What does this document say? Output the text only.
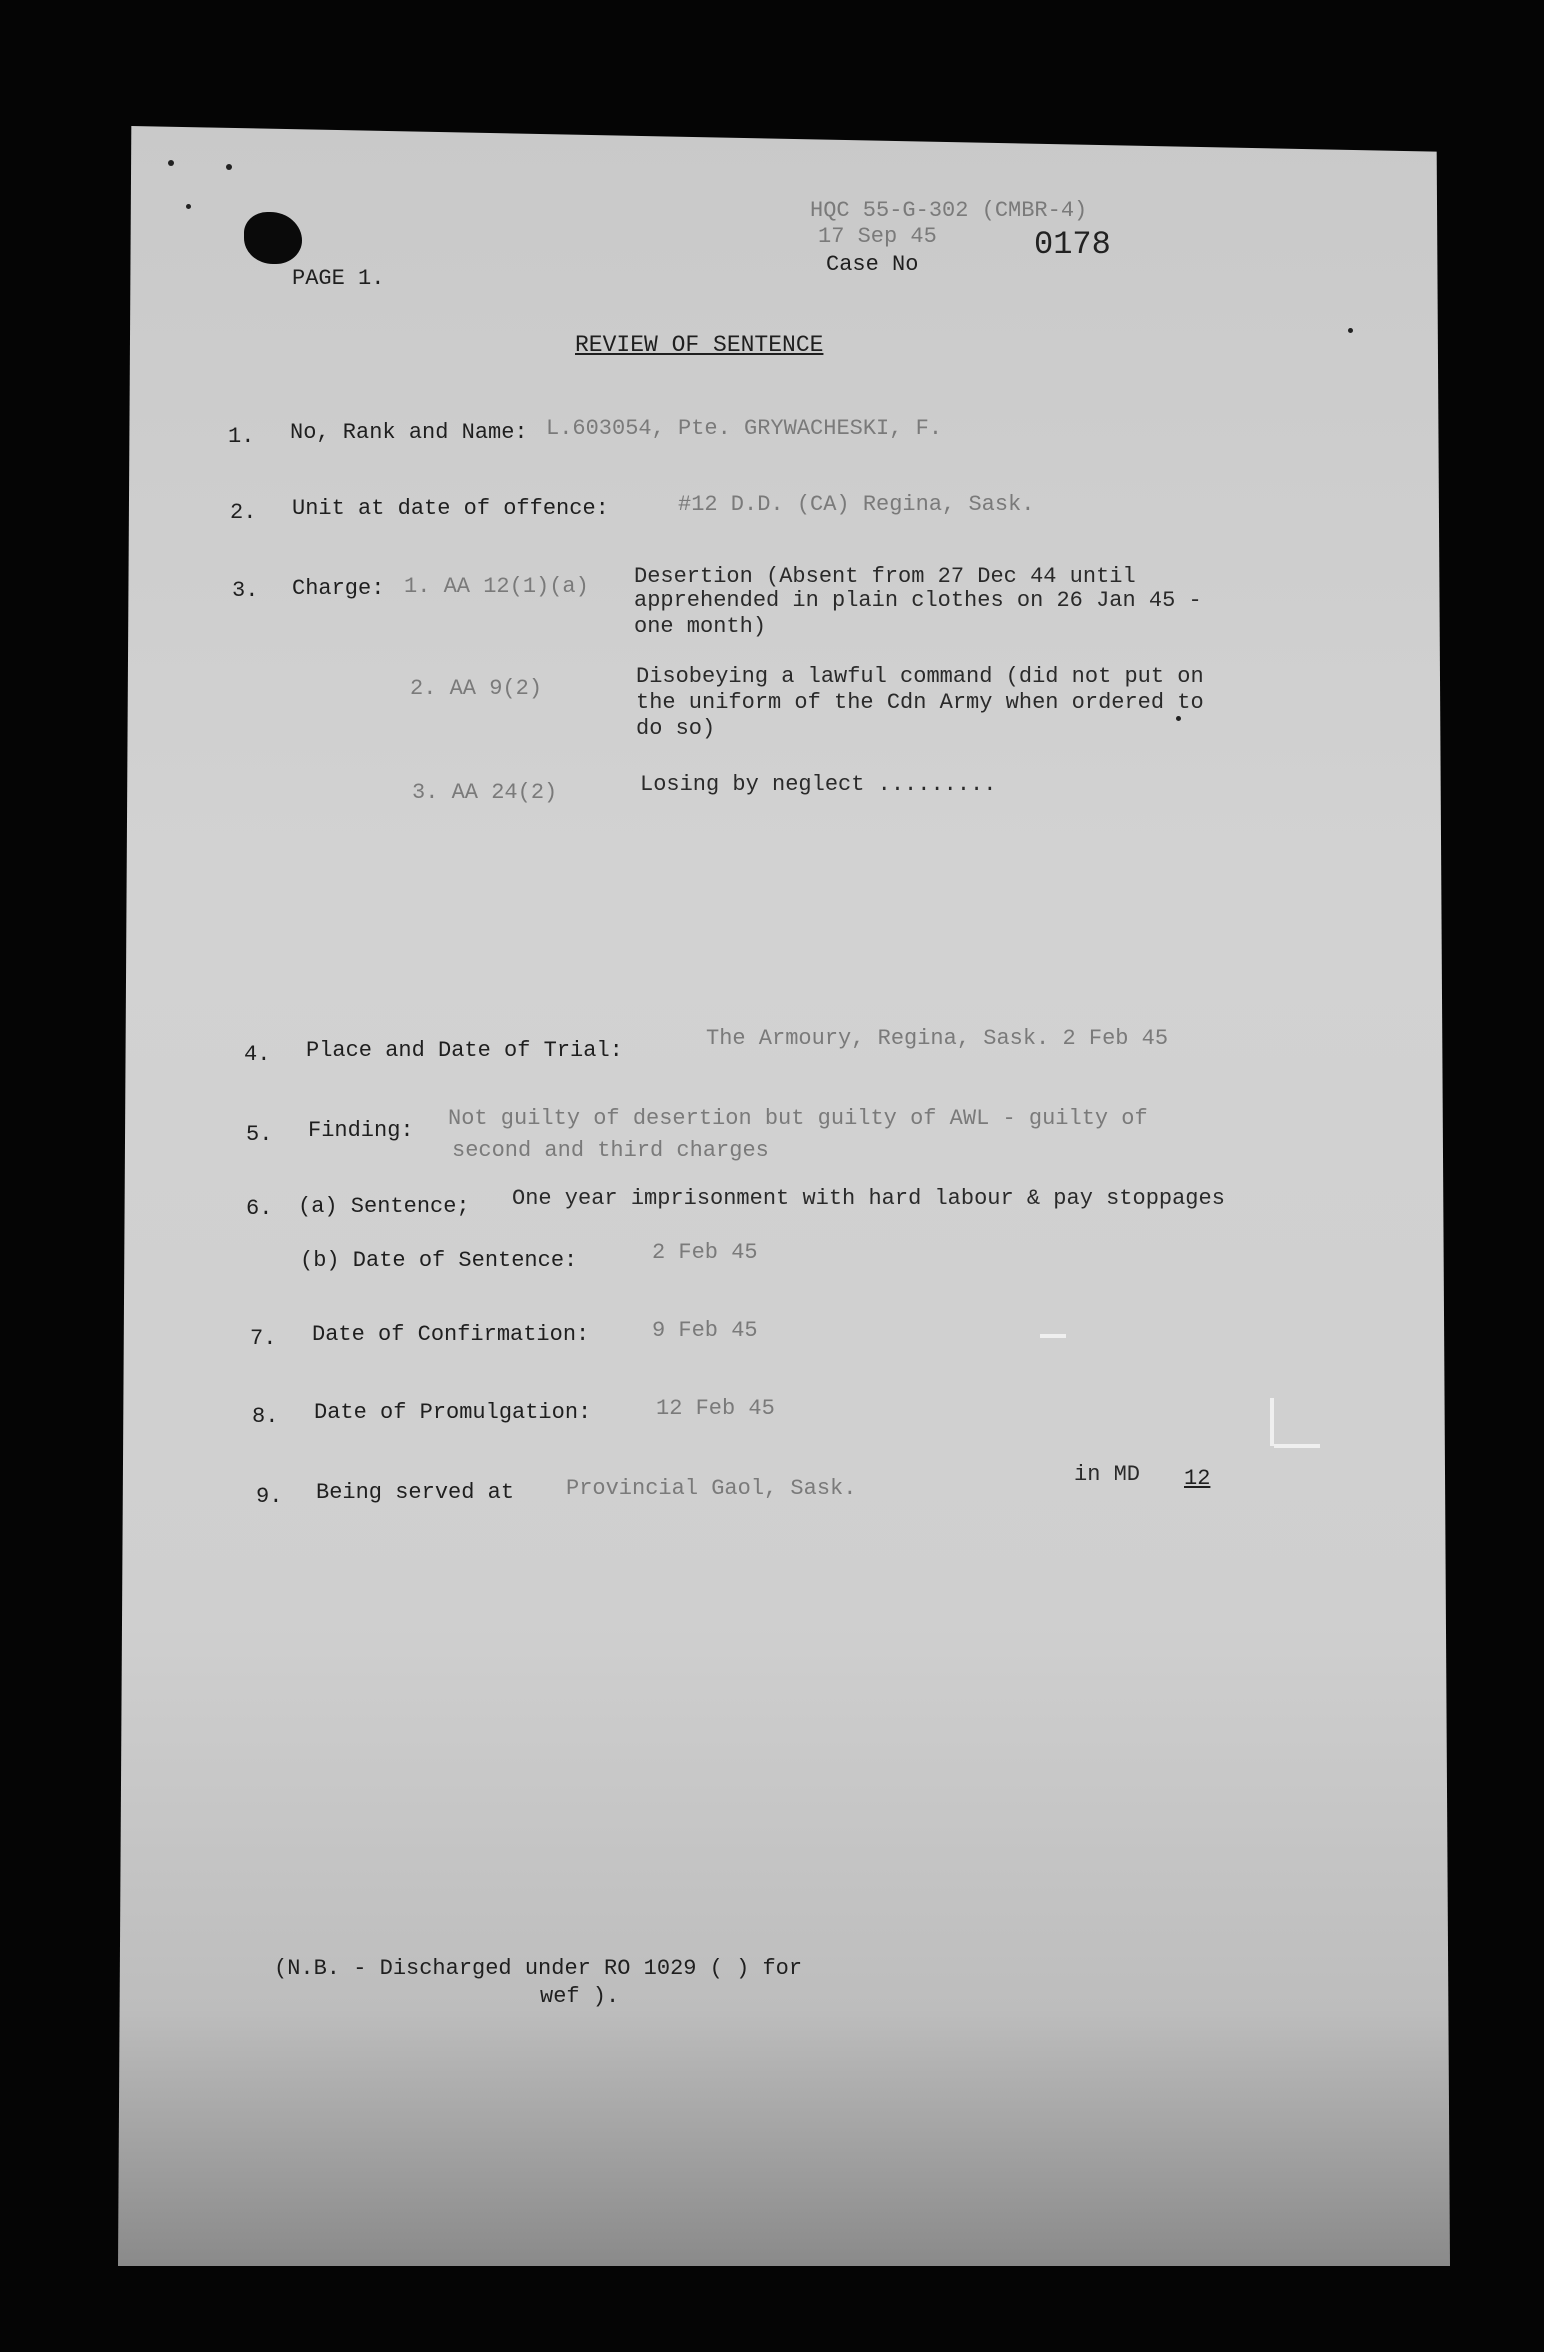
HQC 55-G-302 (CMBR-4)

17 Sep 45

Case No

0178

PAGE 1.

REVIEW OF SENTENCE

1. No, Rank and Name: L.603054, Pte. GRYWACHESKI, F.

2. Unit at date of offence:	#12 D.D. (CA) Regina, Sask.

3. Charge: 1. AA 12(1)(a) Desertion (Absent from 27 Dec 44 until

apprehended in plain clothes on 26 Jan 45 -

one month)

2. AA 9(2)	Disobeying a lawful command (did not put on

the uniform of the Cdn Army when ordered to

do so)

3. AA 24(2)	Losing by neglect .........

4. Place and Date of Trial:	The Armoury, Regina, Sask. 2 Feb 45

5. Finding: Not guilty of desertion but guilty of AWL - guilty of

second and third charges

6. (a) Sentence; One year imprisonment with hard labour & pay stoppages

(b) Date of Sentence:	2 Feb 45

7. Date of Confirmation:	9 Feb 45

8. Date of Promulgation:	12 Feb 45

9. Being served at Provincial Gaol, Sask.

in MD 12

(N.B. - Discharged under RO 1029 ( ) for

wef ).
